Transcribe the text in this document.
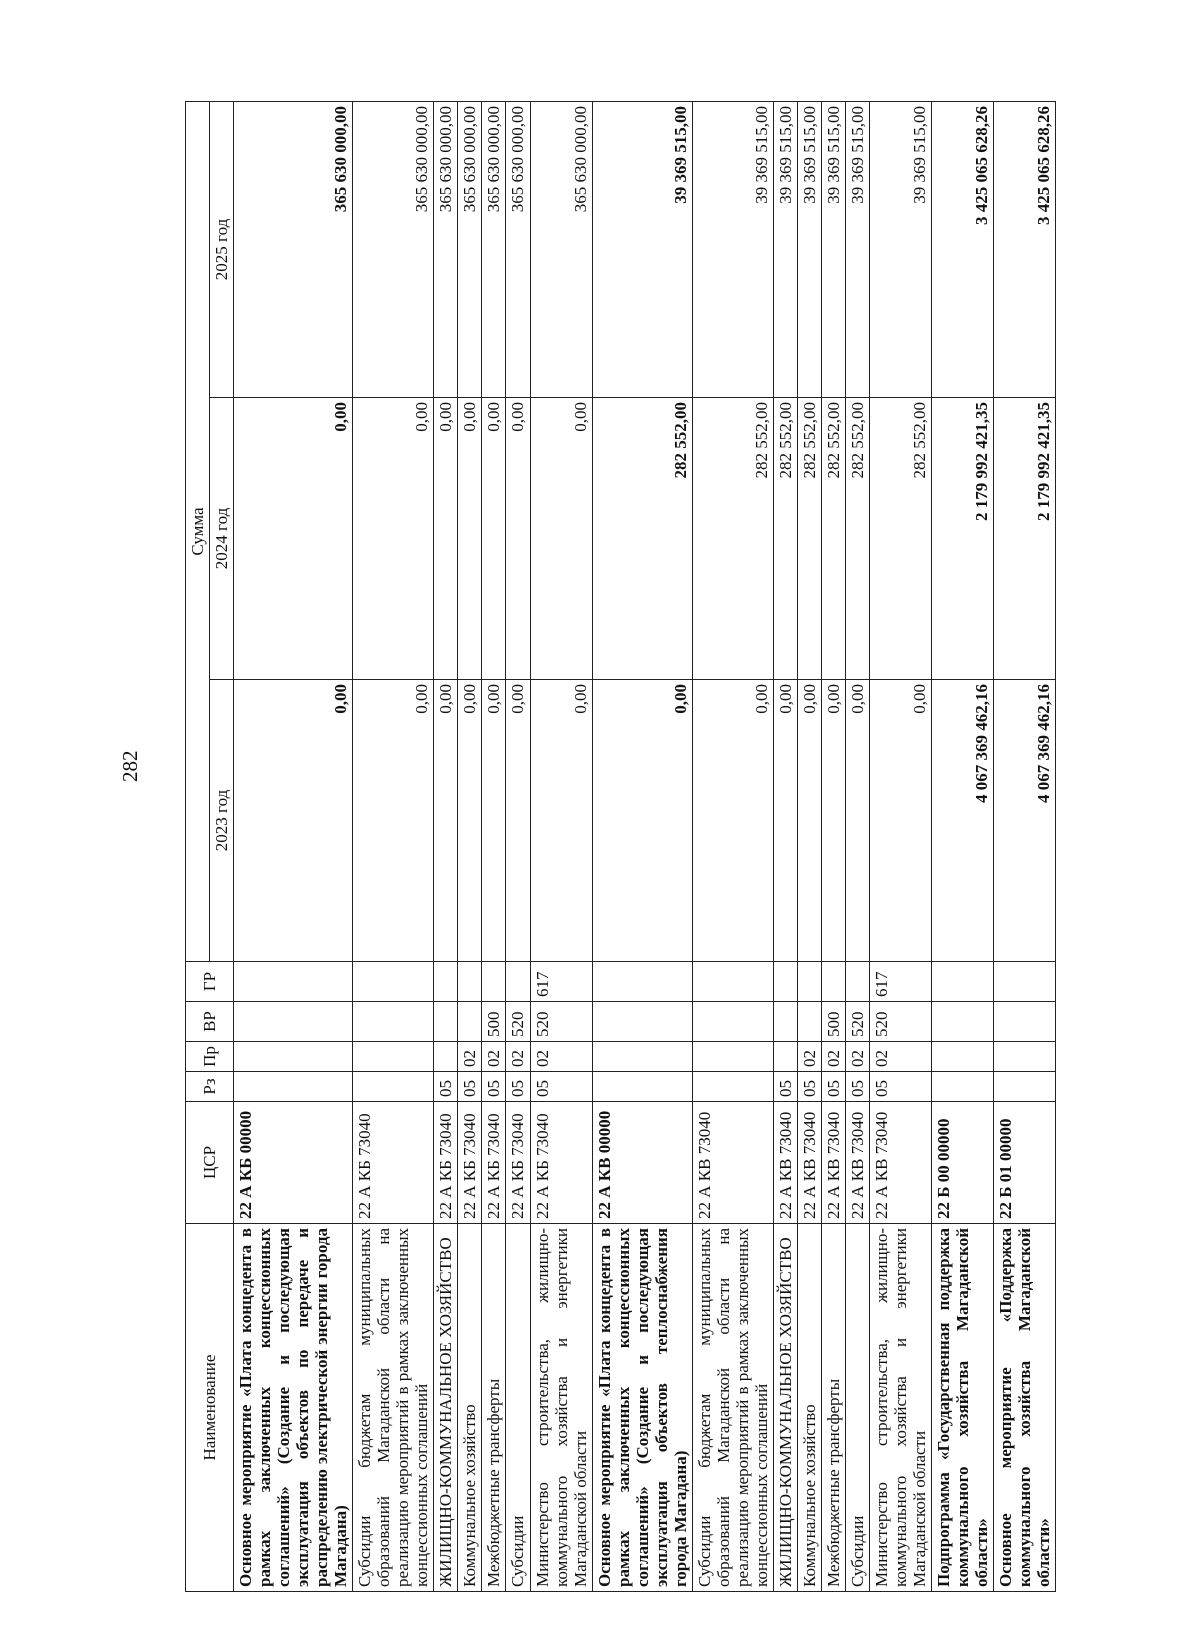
282
Наименование	ЦСР	Рз	Пр	ВР	ГР	Сумма		
						2023 год	2024 год	2025 год
Основное мероприятие «Плата концедента в рамках заключенных концессионных соглашений» (Создание и последующая эксплуатация объектов по передаче и распределению электрической энергии города Магадана)	22 А КБ 00000					0,00	0,00	365 630 000,00
Субсидии бюджетам муниципальных образований Магаданской области на реализацию мероприятий в рамках заключенных концессионных соглашений	22 А КБ 73040					0,00	0,00	365 630 000,00
ЖИЛИЩНО-КОММУНАЛЬНОЕ ХОЗЯЙСТВО	22 А КБ 73040	05				0,00	0,00	365 630 000,00
Коммунальное хозяйство	22 А КБ 73040	05	02			0,00	0,00	365 630 000,00
Межбюджетные трансферты	22 А КБ 73040	05	02	500		0,00	0,00	365 630 000,00
Субсидии	22 А КБ 73040	05	02	520		0,00	0,00	365 630 000,00
Министерство строительства, жилищно-коммунального хозяйства и энергетики Магаданской области	22 А КБ 73040	05	02	520	617	0,00	0,00	365 630 000,00
Основное мероприятие «Плата концедента в рамках заключенных концессионных соглашений» (Создание и последующая эксплуатация объектов теплоснабжения города Магадана)	22 А КВ 00000					0,00	282 552,00	39 369 515,00
Субсидии бюджетам муниципальных образований Магаданской области на реализацию мероприятий в рамках заключенных концессионных соглашений	22 А КВ 73040					0,00	282 552,00	39 369 515,00
ЖИЛИЩНО-КОММУНАЛЬНОЕ ХОЗЯЙСТВО	22 А КВ 73040	05				0,00	282 552,00	39 369 515,00
Коммунальное хозяйство	22 А КВ 73040	05	02			0,00	282 552,00	39 369 515,00
Межбюджетные трансферты	22 А КВ 73040	05	02	500		0,00	282 552,00	39 369 515,00
Субсидии	22 А КВ 73040	05	02	520		0,00	282 552,00	39 369 515,00
Министерство строительства, жилищно-коммунального хозяйства и энергетики Магаданской области	22 А КВ 73040	05	02	520	617	0,00	282 552,00	39 369 515,00
Подпрограмма «Государственная поддержка коммунального хозяйства Магаданской области»	22 Б 00 00000					4 067 369 462,16	2 179 992 421,35	3 425 065 628,26
Основное мероприятие «Поддержка коммунального хозяйства Магаданской области»	22 Б 01 00000					4 067 369 462,16	2 179 992 421,35	3 425 065 628,26
